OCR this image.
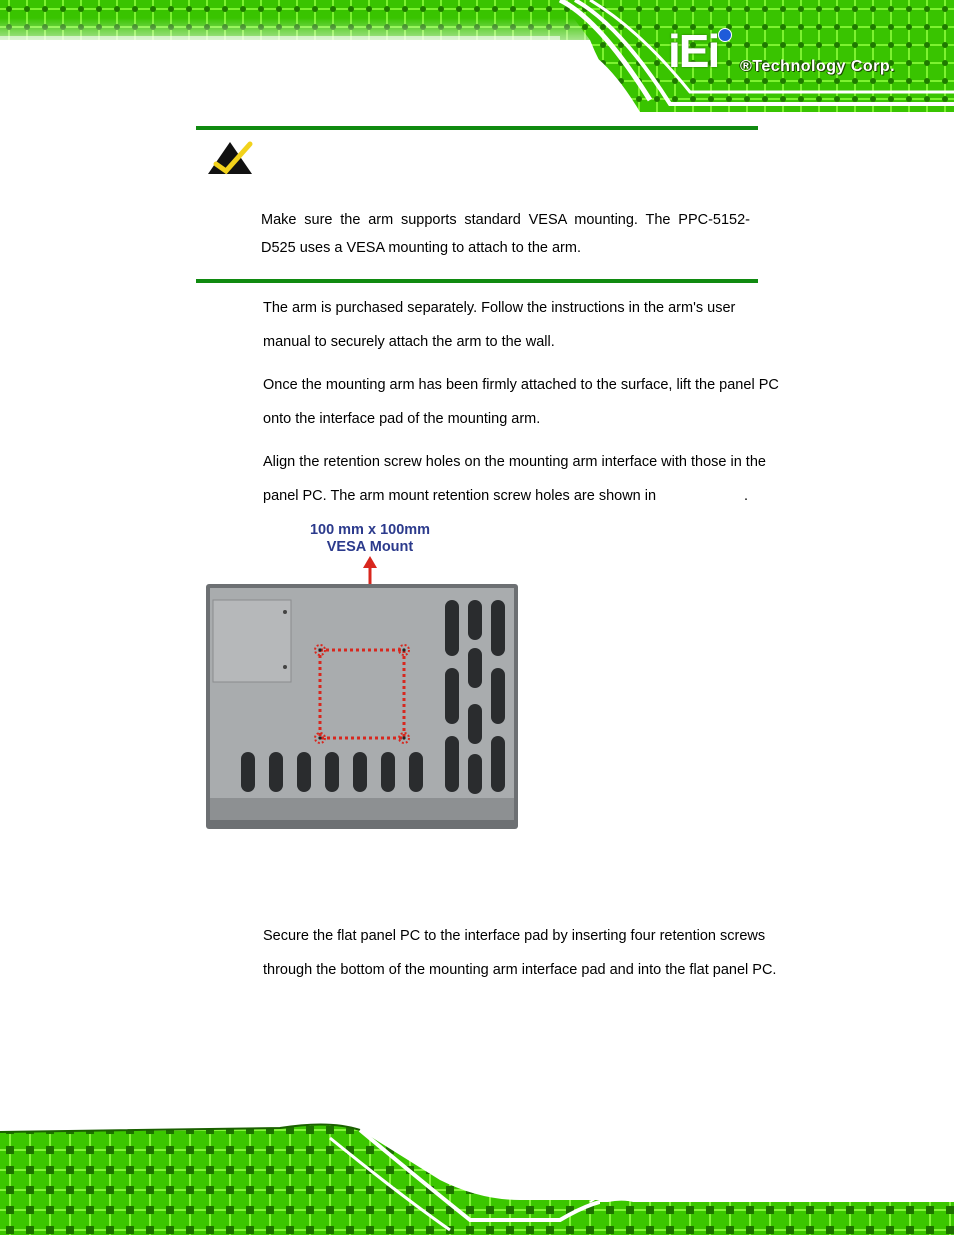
iEi ®Technology Corp.
Make sure the arm supports standard VESA mounting. The PPC-5152-D525 uses a VESA mounting to attach to the arm.
The arm is purchased separately. Follow the instructions in the arm's user
manual to securely attach the arm to the wall.
Once the mounting arm has been firmly attached to the surface, lift the panel PC
onto the interface pad of the mounting arm.
Align the retention screw holes on the mounting arm interface with those in the
panel PC. The arm mount retention screw holes are shown in	.
100 mm x 100mm
VESA Mount
Secure the flat panel PC to the interface pad by inserting four retention screws
through the bottom of the mounting arm interface pad and into the flat panel PC.
